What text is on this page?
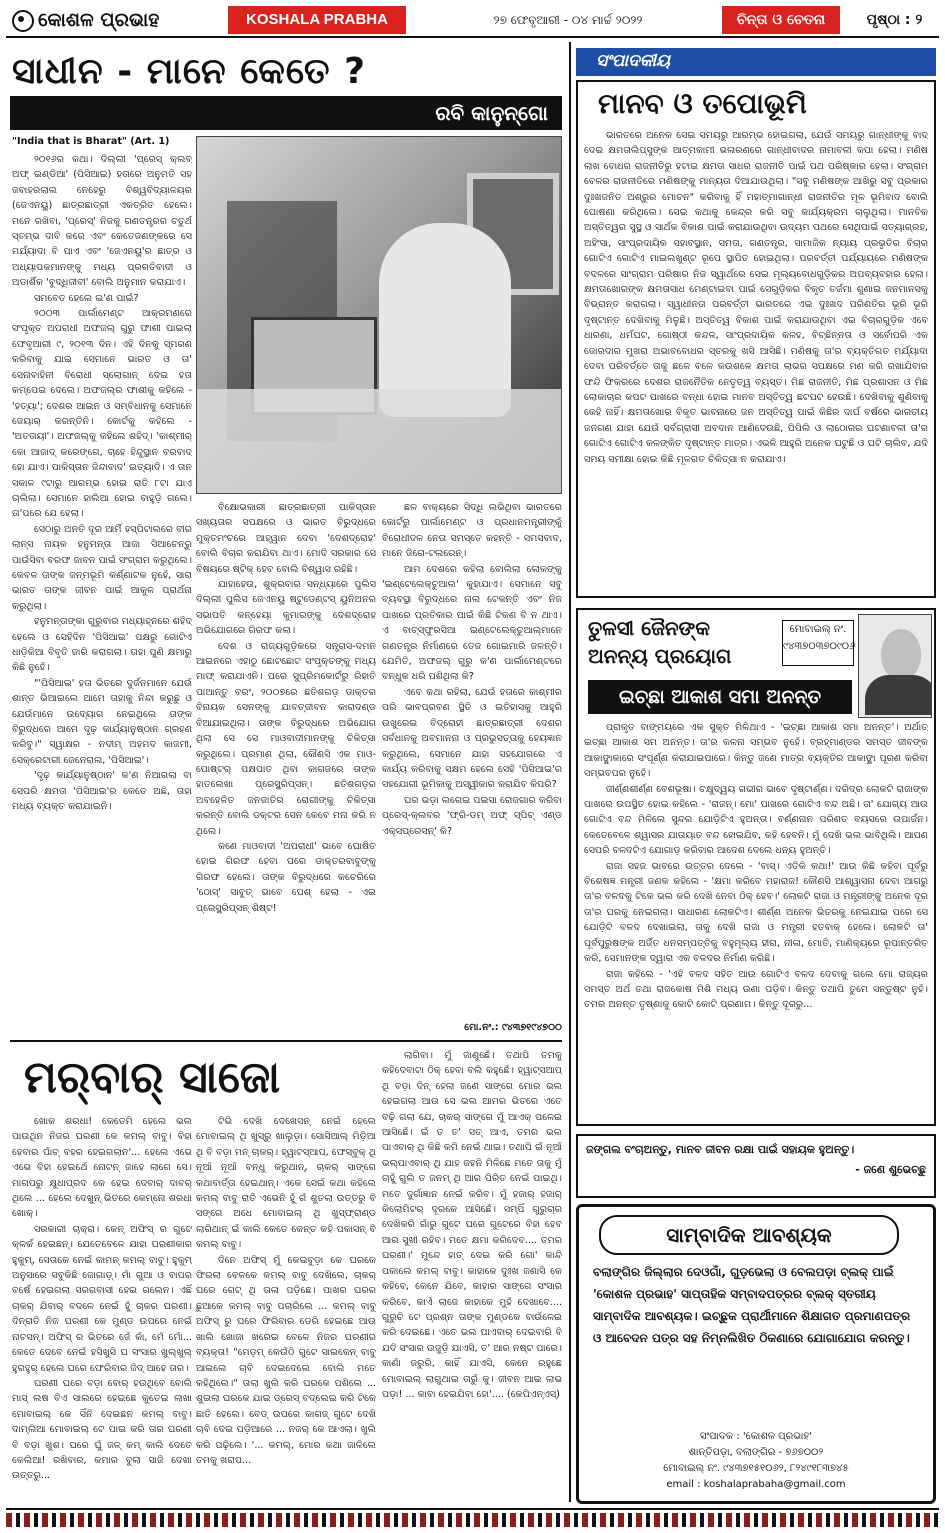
କୋଶଳ ପ୍ରଭାହ	KOSHALA PRABHA	୨୭ ଫେବୃଆରୀ - ୦୪ ମାର୍ଚ୍ଚ ୨୦୨୨	ଚିନ୍ତା ଓ ଚେତନା	ପୃଷ୍ଠା : ୨
ସାଧୀନ - ମାନେ କେତେ ?
ରବି କାନୁନ୍‌ଗୋ
"India that is Bharat" (Art. 1)

୨୦୧୬ର କଥା। ଦିଲ୍ଲୀ 'ପ୍ରେସ୍ କ୍ଲବ୍ ଅଫ୍ ଇଣ୍ଡିଆ' (ପିସିଆଇ) ହତାରେ ଅନୁମତି ସହ ଜବାହରଲାଲ ନେହେରୁ ବିଶ୍ୱବିଦ୍ୟାଳୟର (ଜେଏନୟୁ) ଛାତ୍ରଛାତ୍ରୀ ଏକତ୍ରିତ ହେଲେ। ମନେ ରଖିବା, 'ପ୍ରେସ୍' ନିଜକୁ ଗଣତନ୍ତ୍ରର ଚତୁର୍ଥ ସ୍ତମ୍ଭ ଦାବି କରେ ଏବଂ କେତେଜଣଙ୍କରେ ସେ ମର୍ଯ୍ୟାଦା ବି ପାଏ ଏବଂ 'ଜେଏନୟୁ'ର ଛାତ୍ର ଓ ଅଧ୍ୟାପକମାନଙ୍କୁ ମଧ୍ୟ ପ୍ରଗତିବାଦୀ ଓ ଅଡାର୍ଶିକ 'ବୁଦ୍ଧିଜୀବୀ' ବୋଲି ଅନୁମାନ କରାଯାଏ।

ସମବେତ ହେଲେ ଇ'ଣ ପାଇଁ?

୨୦୦୩ ପାର୍ଲାମେଣ୍ଟ ଆକ୍ରମଣରେ ସଂପୃକ୍ତ ଅପରାଧୀ ଅଫଜଲ୍ ଗୁରୁ ଫାଶୀ ପାଇଲା ଫେବୃଆରୀ ୯, ୨୦୧୩ ଦିନ। ଏହି ଦିନକୁ ସ୍ମରଣ କରିବାକୁ ଯାଇ ସେମାନେ ଭାରତ ଓ ତା' ସେନାବାହିନୀ ବିରୋଧୀ ସ୍ଲୋଗାନ୍ ଦେଇ ହତା କମ୍ପେଇ ଦେଲେ। ଅଫଜଲ୍‌ର ଫାଶୀକୁ କହିଲେ - 'ହତ୍ୟା'; ଦେଶର ଆଇନ ଓ ସମ୍ବିଧାନକୁ ସେମାନେ ଜେୟାର୍ କରନ୍ତିନି। କୋର୍ଟକୁ କହିଲେ - 'ଅତତାୟୀ'। ଅଫଜଲ୍‌କୁ କହିଲେ ଶହିଦ୍। 'କାଶ୍ମୀର୍ କୋ ଆଜାଦ୍ କରେଙ୍ଗେ, ଚାହେ ହିନ୍ଦୁସ୍ଥାନ ବରବାଦ୍ ହୋ ଯାଏ। ପାକିସ୍ତାନ ଜିନ୍ଦାବାଦ' ଇତ୍ୟାଦି। ଏ ତାନ ସକାଳ ୯ଟାରୁ ଆରମ୍ଭ ହୋଇ ରାତି ୮ଟା ଯାଏ ଚାଲିଲା। ସେମାନେ ହାଲିଆ ହୋଇ ବାହୁଡ଼ି ଗଲେ। ତା'ପରେ ଯେ ହେଲା।

ସେଠାରୁ ଅନତି ଦୂର ଆର୍ମି ହସ୍‌ପିଟାଲରେ ବୀର ଲାନ୍ସ ନାୟକ ହନୁମନ୍ତା ଆଜା ସିଆଚେନ୍‌ରୁ ପାଉଁସିବା ବରଫ ଜାବନ ପାଇଁ ସଂଗ୍ରାମ କରୁଥିଲେ। କେବଳ ତାଙ୍କ ଜନ୍ମଭୂମି କର୍ଣ୍ଣାଟକ ନୁହେଁ, ସାରା ଭାରତ ତାଙ୍କ ଜୀବନ ପାଇଁ ଆକୁଳ ପ୍ରାର୍ଥନା କରୁଥିଲା।

ହନୁମନ୍ତାଙ୍କା ଗୁରୁବାର ମଧ୍ୟାହ୍ନରେ ଶହିଦ୍ ହେଲେ ଓ ସେହିଦିନ 'ପିସିଆଇ' ପକ୍ଷରୁ ଗୋଟିଏ ଧାଡ଼ିକିଆ ବିବୃତି ଜାରି କରାଗଲା। ତାହା ପୁଣି କ୍ଷମାରୁ କିଛି ନୁହେଁ।

"'ପିସିଆଇ' ହତା ଭିତରେ ଦୁର୍ଜନମାନେ ଯେଉଁ ଶାନ୍ତ ଭିଆଇଲେ ଆମେ ତାହାକୁ ନିନ୍ଦା କରୁଛୁ ଓ ଯେଉଁମାନେ ଉଦ୍ୟୋଗ ନେଇଥିଲେ ତାଙ୍କ ବିରୁଦ୍ଧରେ ଆମେ ଦୃଢ଼ କାର୍ଯ୍ୟାନୁଷ୍ଠାନ ଗ୍ରହଣ କରିବୁ।" ସ୍ୱାକ୍ଷର - ନଦୀମ୍ ଅହମଦ କାଜମୀ, ସେକ୍ରେଟାରୀ ଜେନେରାଲ, 'ପିସିଆଇ'।

'ଦୃଢ଼ କାର୍ଯ୍ୟାନୁଷ୍ଠାନ' କ'ଣ ନିଆଗଲା ବା ସେପରି କ୍ଷମତା 'ପିସିଆଇ'ର କେତେ ଅଛି, ତାହା ମଧ୍ୟ ବ୍ୟକ୍ତ କରାଯାଇନି।

ବିକ୍ଷୋଭକାରୀ ଛାତ୍ରଛାତ୍ରୀ ପାକିସ୍ତାନ ସଖ୍ୟତାର ସପକ୍ଷରେ ଓ ଭାରତ ବିରୁଦ୍ଧରେ ମୁକ୍ତମଂଚରେ ଆହ୍ୱାନ ଦେବା 'ଦେଶଦ୍ରୋହ' ବୋଲି ବିଚାର କରାଯିବା ଥାଏ। ମୋଦି ସରକାର ସେ ବିଷୟରେ ଷ୍ଟିକ୍ ହେବ ବୋଲି ବିଶ୍ୱାସ ରହିଛି।

ଯାହାହେଉ, ଶୁକ୍ରବାର ସନ୍ଧ୍ୟାରେ ପୁଲିସ ଦିଲ୍ଲୀ ପୁଲିସ ଜେଏନୟୁ ଷ୍ଟୁଡେଣ୍ଟସ୍ ୟୁନିଅନର ସଭାପତି କନ୍ହେୟା କୁମାରଙ୍କୁ ଦେଶଦ୍ରୋହ ଅଭିଯୋଗରେ ଗିରଫ କଲା।

ଦେଶ ଓ ରାଜ୍ୟଗୁଡ଼ିକରେ ସନ୍ତ୍ରାସ-ଦମନ ଆଇନରେ ଏହାଠୁ ଛୋଟଛୋଟ ସଂପୃକ୍ତଙ୍କୁ ମଧ୍ୟ ମାଫ୍ କରାଯାଏନି। ପରେ ସୁପ୍ରିମକୋର୍ଟରୁ ରିହାତି ପାଆନ୍ତୁ ବରଂ, ୨୦୦୭ରେ ଛତିଶଗଡ଼ ଡାକ୍ତର ବିନାୟକ ସେନଙ୍କୁ ଯାବତ୍‌ଜୀବନ କାରାଦଣ୍ଡ ବିଆଯାଇଥିଲା। ତାଙ୍କ ବିରୁଦ୍ଧରେ ଅଭିଯୋଗ ଥିଲା ସେ ସେ ମାଓବାଦୀମାନଙ୍କୁ ଚିକିତ୍ସା କରୁଥିଲେ। ପ୍ରମାଣ ଥିଲା, କୌଣସି ଏକ ମାଓ-ପୋଷ୍ଟର୍ ପକ୍ଷପାତ ଥିବା କାଗଜରେ ତାଙ୍କ ହାତଲେଖା ପ୍ରେସ୍କ୍ରିପ୍ସନ୍। ଛତିଶଗଡ଼ର ଅବହେଳିତ ଜନଜାତିର ରୋଗୀଙ୍କୁ ଚିକିତ୍ସା କରନ୍ତି ବୋଲି ଡକ୍ଟର ସେନ କେବେ ମନା କରି ନ ଥିଲେ।

କଣେ ମାଓବାଦୀ 'ଅପରାଧୀ' ଭାବେ ଘୋଷିତ ହୋଇ ଗିରଫ ହେବା ପରେ ଡାକ୍ତରବାବୁଙ୍କୁ ଗିରଫ ହେଲେ। ତାଙ୍କ ବିରୁଦ୍ଧରେ କଚେରିରେ 'ଠୋସ୍' ସାବୁତ୍ ଭାବେ ପେଶ୍ ହେଲା - ଏଇ ପ୍ରେସ୍କ୍ରିପ୍ସନ୍ ଶିଷ୍ଟ!

ଛଳ ବାକ୍ୟରେ ସିଦ୍ଧି ଲଭିଥିବା ଭାରତରେ କୋର୍ଟରୁ ପାର୍ଲାମେଣ୍ଟ ଓ ପ୍ରଧାନମନ୍ତ୍ରୀଙ୍କୁଁ ବିରୋଧୀଦଳ ନେତା ସମସ୍ତେ କହନ୍ତି - ସମସବାଦ, ମାନେ ଜିରୋ-ଟଲରେନ୍।

ଆମ ଦେଶରେ କହିଲା ବୋଲିଲା ଲୋକଙ୍କୁ 'ଇଣ୍ଟେଲେକ୍‌ଚୁଆଲ' କୁହାଯାଏ। ସେମାନେ ସବୁ ବ୍ୟବସ୍ଥା ବିରୁଦ୍ଧରେ ନାଲ ଟେକନ୍ତି ଏବଂ ନିଜ ପାଖରେ ପ୍ରତିକାର ପାଇଁ କିଛି ଟିକଣ ବି ନ ଥାଏ। ଏ ବାଚ୍‌ସ୍ଫୁରସିଆ ଇଣ୍ଟେଲେକ୍‌ଚୁଆଲ୍‌ମାନେ ଗଣତନ୍ତ୍ର ନିର୍ମାଣରେ ତେଜ ଗୋଇମାରି ଜଳନ୍ତି। ଯେମିତି, ଅଫଜଲ୍ ଗୁରୁ କ'ଣ ପାର୍ଲାମେଣ୍ଟରେ ବନ୍ଧୁକ ଧରି ପଶିଥିଲା କି?

ଏବେ କଥା ରହିଲା, ଯେଉଁ ହତାରେ କାଶ୍ମୀର ପରି ଭାବପ୍ରବଣ ସ୍ଥିତି ଓ ଇତିହାସକୁ ଆହୁରି ଉଖୁରେଇ ବିଦ୍ରୋହୀ ଛାତ୍ରଛାତ୍ରୀ ଦେଶର ସର୍ବଧାନକୁ ଅବମାନନା ଓ ପ୍ରଭୁସତ୍ତାକୁ ହେୟଜ୍ଞାନ କରୁଥିଲେ, ସେମାନେ ଯାହା ସହଯୋଗରେ ଏ କାର୍ଯ୍ୟ କରିବାକୁ ସକ୍ଷମ ହେଲେ ସେହି 'ପିସିଆଇ'ର ସହଯୋଗୀ ଭୂମିକାକୁ ଅସ୍ୱୀକାର କରାଯିବ କିପରି?

ଘର ଭଡ଼ା ଲଗେଇ ପଇସା ରୋଜଗାର କରିବା ପ୍ରେସ୍-କ୍ଲବର 'ଫ୍ରି-ଡମ୍ ଅଫ୍ ସ୍ପିଚ୍ ଏଣ୍ଡ ଏକ୍ସପ୍ରେସନ୍' କି?

ମୋ.ନଂ.: ୯୪୩୭୧୯୪୭୦୦
ସଂପାଦକୀୟ
ମାନବ ଓ ତପୋଭୂମି

ଭାରତରେ ଅନେକ ସେଇ ସମୟରୁ ଆରମ୍ଭ ହୋଇଗଲା, ଯେଉଁ ସମୟରୁ ଗାନ୍ଧୀଙ୍କୁ ବାଦ୍ ଦେଇ କ୍ଷମତାଲିପ୍ସୁଙ୍କ ଆତ୍ମକାମୀ ଭଳାରଣରେ ଗାନ୍ଧୀବାଦର ନାମାବଳୀ କପା ହେଲା। ମଣିଷ ଲାଖ ବୋଧର ରାଜନୀତିରୁ ହଟାଇ କ୍ଷମତା ସାଧର ରାଜନୀତି ପାଇଁ ପଥ ପରିଷ୍କାର ହେଲା। ସଂଗ୍ରାମ ବେଳର ରାଜନୀତିରେ ମଣିଷଙ୍କୁ ମାନ୍ୟତା ଦିଆଯାଉଥିଲା। "ସବୁ ମଣିଷଙ୍କ ଆଖିରୁ ସବୁ ପ୍ରକାର ଦୁଃଖଜନିତ ଅଶ୍ରୁର ମୋଚନ" କରିବାକୁ ହିଁ ମହାତ୍ମାଗାନ୍ଧୀ ରାଜନୀତିର ମୂଳ ଭୂମିବାଦ ବୋଲି ଘୋଷଣା କରିଥିଲେ। ସେଇ କଥାକୁ କେନ୍ଦ୍ର କରି ସବୁ କାର୍ଯ୍ୟକ୍ରମ ଚାଲୁଥିଲା। ମାନବିକ ଅସ୍ତିତ୍ୱର ସୁସ୍ଥ ଓ ସାର୍ଥକ ବିକାଶ ପାଇଁ କରାଯାଉଥିବା ଉଦ୍ୟମ ପଥରେ ସେଥିପାଇଁ ସତ୍ୟାଗ୍ରହ, ଅହିଂସା, ସାଂପ୍ରଦାୟିକ ସହାବସ୍ଥାନ, ସମତା, ଗଣତନ୍ତ୍ର, ସାମାଜିକ ନ୍ୟାୟ ପ୍ରଭୃତିର ବିଚାର ଗୋଟିଏ ଗୋଟିଏ ମାଇଲଖୁଣ୍ଟ ରୂପେ ସ୍ଥାପିତ ହୋଇଥିଲା। ପରବର୍ତ୍ତୀ ପର୍ଯ୍ୟାୟରେ ମଣିଷଙ୍କ ବଦଳରେ ସାଂଗ୍ରାମ ପରିଷାର ନିଜ ସ୍ୱାର୍ଥରେ ସେଇ ମୂଲ୍ୟବୋଧଗୁଡ଼ିକର ଅପବ୍ୟବହାର ହେଲା। କ୍ଷମତାଖୋରଙ୍କ କ୍ଷମତାସାଧ ମେଣ୍ଟାଇବା ପାଇଁ ସେଗୁଡ଼ିକର ବିକୃତ ତର୍ଜମା ଶୁଣାଇ ଜନମାନସକୁ ବିଭ୍ରାନ୍ତ କରାଗଲା। ସ୍ୱାଧୀନତା ପରବର୍ତ୍ତୀ ଭାରତରେ ଏଇ ଦୁଃଖଦ ପରିଣତିର ଭୂରି ଭୂରି ଦୃଷ୍ଟାନ୍ତ ଦେଖିବାକୁ ମିଳୁଛି। ଅସ୍ତିତ୍ୱ ବିକାଶ ପାଇଁ କରାଯାଉଥିବା ଏଇ ବିଚାରଗୁଡ଼ିକ ଏବେ ଧାରଣା, ଧର୍ମଘଟ, ଗୋଷ୍ଠୀ କନ୍ଦଳ, ସାଂପ୍ରଦାୟିକ କଳହ, ବିଚ୍ଛିନ୍ନତା ଓ ସର୍ବୋପରି ଏକ ଜୋରଦାର ମୁଖରା ଅଭାବବୋଧର ସ୍ତରକୁ ଖସି ଆସିଛି। ମଣିଷକୁ ତା'ର ବ୍ୟକ୍ତିଗତ ମର୍ଯ୍ୟାଦା ଦେବା ପରିବର୍ତ୍ତେ ତାକୁ ଛଳେ ବଳେ କଉଶଳେ କ୍ଷମତା ଲାଭର ସପକ୍ଷରେ ମଣ କରି ରଖାଯିବାର ଫନ୍ଦି ଫିକରରେ ଦେଶର ରାଜନୈତିକ ନେତୃତ୍ୱ ବ୍ୟସ୍ତ। ମିଛ ରାଜନୀତି, ମିଛ ପ୍ରଶାସନ ଓ ମିଛ ଲୋକାଚାର କପଟ ପାଖରେ ବନ୍ଧା ହୋଇ ମାନବ ଅସ୍ତିତ୍ୱ ଛଟପଟ ହେଉଛି। ଦେଖିବାକୁ ଶୁଣିବାକୁ କେହି ନାହିଁ। କ୍ଷମତାଖୋର ବିକୃତ ଭାବନାରେ ଜନ ଅସ୍ତିତ୍ୱ ପାଇଁ କିଛିର ଦାର୍ଘ ବର୍ଷରେ ଭାରତୀୟ ଜନଗଣ ଯାହା ଯେଉଁ ସର୍ବଗ୍ରାସୀ ଅବଦାନ ଆଣିଦେଉଛି, ପିପିଲି ଓ ଲାଠୋରର ଘଟଣାବଳୀ ତା'ର ଗୋଟିଏ ଗୋଟିଏ କଳଙ୍କିତ ଦୃଷ୍ଟାନ୍ତ ମାତ୍ର। ଏଭଳି ଆହୁରି ଅନେକ ଘଟୁଛି ଓ ଘଟି ଚାଲିବ, ଯଦି ସମୟ ସମୀକ୍ଷା ହୋଇ କିଛି ମୂଳଗତ ଚିକିତ୍ସା ନ କରାଯାଏ।

ତୁଳସୀ ଜୈନଙ୍କ
ଅନନ୍ୟ ପ୍ରୟୋଗ
ମୋବାଇଲ୍ ନଂ.
୯୪୩୭୦୩୭୦୯୦୬
ଇଚ୍ଛା ଆକାଶ ସମା ଅନନ୍ତ

ପ୍ରାକୃତ ବାଙ୍ମୟରେ ଏକ ସୁକ୍ତ ମିଳିଥାଏ - 'ଇଚ୍ଛା ଆକାଶ ସମା ଅନନ୍ତ'। ଅର୍ଥାତ୍ ଇଚ୍ଛା ଆକାଶ ସମ ଅନନ୍ତ। ତା'ର କଳନା ସମ୍ଭବ ନୁହେଁ। ବ୍ରହ୍ମାଣ୍ଡର ସମସ୍ତ ଜୀବଙ୍କ ଆକାଙ୍କ୍ଷାକାରେ ସଂପୂର୍ଣ୍ଣ କରାଯାଇପାରେ। କିନ୍ତୁ ଜଣେ ମାତ୍ର ବ୍ୟକ୍ତିର ଆକାଙ୍କ୍ଷା ପୂରଣ କରିବା ସମ୍ଭବପର ନୁହେଁ।

ଜୀର୍ଣ୍ଣଶୀର୍ଣ୍ଣ ବେଶଭୂଷା। ଚକ୍ଷୁଦ୍ୱୟ ଗଭୀର ଭାବେ ଦୃଷ୍ଟାର୍ଣ୍ଣ। ଦରିଦ୍ର ଲୋକଟି ରାଜାଙ୍କ ପାଖରେ ଉପସ୍ଥିତ ହୋଇ କହିଲେ - 'ରାଜନ୍। ମୋ' ପାଖରେ ଗୋଟିଏ ବନ୍ଦ ଅଛି। ତା' ଯୋଗ୍ୟ ଆଉ ଗୋଟିଏ ବନ୍ଦ ମିଳିଲେ ସୁନ୍ଦର ଯୋଡ଼ିଟିଏ ହୁଅନ୍ତା। ବର୍ଣ୍ଣନାନ ପରିଣତ ବୟସରେ ଉପାର୍ଜନ। କେତେବେଳେ ଶ୍ୱାସର ଯାତାୟାତ ବନ୍ଦ ହୋଇଯିବ, କହି ହେବନି। ମୁଁ ଦେଖି ଭଲ ଭାବିଥିଲି। ଆପଣ ସେପରି ବଳଦଟିଏ ଯୋଗାଡ଼ କରିବାର ଆଦେଶ ଦେଲେ ଧନ୍ୟ ହୁଅନ୍ତି।

ରାଜା ସହଜ ଭାବରେ ଉତ୍ତର ଦେଲେ - 'ବାସ୍। ଏତିକି କଥା!' ଆଉ କିଛି କହିବା ପୂର୍ବରୁ ବିଶେଷଜ୍ଞ ମନ୍ତ୍ରୀ ଜଣକ କହିଲେ - 'କ୍ଷମା କରିବେ ମହାରାଜ! କୌଣସି ଆଶ୍ୱାସନା ଦେବା ଆଗରୁ ତା'ର ବଳଦକୁ ଟିକେ ଭଲ କରି ଦେଖି ନେବା ଠିକ୍ ହେବ।' ଲୋକଟି ରାଜା ଓ ମନ୍ତ୍ରୀଙ୍କୁ ଅନେକ ଦୂର ତା'ର ଘରକୁ ନେଇଗଲା। ସାଧାରଣ ଲୋକଟିଏ। ଶୀର୍ଣ୍ଣ ଅନେକ ଭିତରକୁ ନେଇଯାଇ ପରେ ସେ ଯୋଡ଼ିଟି ବଳଦ ଦେଖାଇଲା, ତାକୁ ଦେଖି ରାଜା ଓ ମନ୍ତ୍ରୀ ହତବାକ୍ ହେଲେ। ଲୋକଟି ତା' ପୂର୍ବପୁରୁଷଙ୍କ ଅର୍ଜିତ ଧନସମ୍ପତ୍ତିକୁ ବହୁମୂଲ୍ୟ ହୀରା, ନୀଳା, ମୋତି, ମାଣିକ୍ୟରେ ରୂପାନ୍ତରିତ କରି, ସେମାନଙ୍କ ଦ୍ୱାରା ଏକ ବଳଦର ନିର୍ମାଣ କରିଛି।

ରାଜା କହିଲେ - 'ଏହି ବଳଦ ସହିତ ଆଉ ଗୋଟିଏ ବଳଦ ଦେବାକୁ ଗଲେ ମୋ ରାଜ୍ୟର ସମସ୍ତ ଅର୍ଥ ତଥା ରାଜକୋଷ ମିଶି ମଧ୍ୟ ଉଣା ପଡ଼ିବ। କିନ୍ତୁ ତଥାପି ତୁମେ ସନ୍ତୁଷ୍ଟ ନୁହଁ। ତମର ଅନନ୍ତ ତୃଷ୍ଣାକୁ କୋଟି କୋଟି ପ୍ରଣାମ। କିନ୍ତୁ ଦୂରରୁ...

ଜଙ୍ଗଲ ବଂଚାଅନ୍ତୁ, ମାନବ ଜୀବନ ରକ୍ଷା ପାଇଁ ସହାୟକ ହୁଅନ୍ତୁ।
- ଜଣେ ଶୁଭେଚ୍ଛୁ
ସାମ୍ବାଦିକ ଆବଶ୍ୟକ
ବଲାଙ୍ଗିର ଜିଲ୍ଲାର ଦେଓଗାଁ, ଗୁଡ଼ଭେଲା ଓ ବେଲପଡ଼ା ବ୍ଲକ୍ ପାଇଁ 'କୋଶଳ ପ୍ରଭାହ' ସାପ୍ତାହିକ ସମ୍ବାଦପତ୍ରର ବ୍ଲକ୍ ସ୍ତରୀୟ ସାମ୍ବାଦିକ ଆବଶ୍ୟକ। ଇଚ୍ଛୁକ ପ୍ରାର୍ଥୀମାନେ ଶିକ୍ଷାଗତ ପ୍ରମାଣପତ୍ର ଓ ଆବେଦନ ପତ୍ର ସହ ନିମ୍ନଲିଖିତ ଠିକଣାରେ ଯୋଗାଯୋଗ କରନ୍ତୁ।
ସଂପାଦକ : 'କୋଶଳ ପ୍ରଭାହ'
ଶାନ୍ତିପଡ଼ା, ବଲାଙ୍ଗିର - ୭୬୭୦୦୨
ମୋବାଇଲ୍ ନଂ. ୯୪୩୭୧୫୧୦୬୨, ୮୨୪୯୧୮୩୭୪୫
email : koshalaprabaha@gmail.com
ମର୍‌ବାର୍ ସାଜୋ

ଖୋକ ଶରଧା! କେତେମି ହେଲେ ଭଲ ପାଉଥିନ ନିଜର ଘରଣୀ କେ କମଲ୍ ବାବୁ। ବିହା ହେବାର ପାଁଚ୍ ବହର ହେଇଗଲାନ'... ହେଲେ ଏଭେ ଏଭେ ବିହା ହେଇଥେଁ ନୋଟନ୍ ଜାହେ ଲାଗେ ସେ। ମାଗପରୁ କ୍ଷୁଧାପ୍ରଦ କେ ହେଇ ଦେବାର୍ ଦାବର୍ ଥିଲେ ... ହେଲେ ଦେଖୁନ୍ ଭିତରେ କେମ୍ନୋ ଶରଧା ଖୋକ୍।

ସରକାରୀ ଚାକ୍‌ରା। କେନ୍ ଅଫିସ୍ ର ଗୁଟେ କ୍ଳର୍କ ହେଇଛନ୍। ଯେତେବେଳେ ଯାହା ଘରଣୀକାର ହୁକୁମ୍, ସେତାକେ ନେଇଁ କାମନ୍ କମଲ୍ ବାବୁ। ହୁକୁମ୍ ଅନୁସାରେ ସବୁକିଛି ଜୋଗାଡ଼୍। ମାଁ ଗୁଆ ଓ ବାପର ବର୍ଷେ ହେଇଗଲା ସରଗବାସୀ ହେଇ ଗଲେନ। ଏଛିଁ ଚାକର୍ ଯିବାର୍ ବଦଳେ ନେଇଁ ହୁଁ ଚାକର ଘରଣୀ। ଦିନ୍‌ରାତି ନିଜ ଘରଣୀ କେ ମୁଣ୍ଡ ଉପରେ ନେଇଁ ନାଚସନ୍। ଅଫିସ୍ ର ଭିତରେ ଜେଁ କାଁ, ମେଁ ମୋଁ... କେତେ ଦେବେ ନେଇଁ ହସିଖୁସି ଘ ସଂସାର ଖୁଲ୍‌ଖୁଲ୍ ହୁରହୁର୍ ହେଲେ ଘରେ ଫେରିବାର ଜିଦ୍ ଆହେ ତାର।

ଘରଣୀ ଘରେ ବଡ଼ା ବୋର୍ ହଉଥିବେ ବୋଲି ମାସ୍ ଲଷ ବିଏ ସାଲରେ ହେଇଛେ କୁତେଇ ଲାଖା ମୋବାଇଲ୍ କେ ସିଁନି ଦେଇଛନ କମଲ୍ ବାବୁ। ଦାମ୍‌ଲିଆ ମୋବାଇଲ୍ ଟେ ପାଇ କରି ତାର ଘରଣୀ ବି ବଡ଼ା ଖୁଶ। ଘରେ ଘୁଁ ଜଳ୍ କମ୍ କାଲି ଦେତେ କେଲିଆ! ରଖିବାର, କମାର ବୁଲା ସାଜି ଦେଖା ଉତ୍ତରୁ...

ଟିଭି ଦେଖି ଦେଖେସନ୍ ନେଇଁ ହେଲେ ମୋବାଇଲ୍ ଥି ଖୁସ୍ରୁ ଖାଲୁଡ଼ା। ସୋସିଆଲ୍ ମିଡ଼ିଆ ଥି ବି ବଡ଼ା ମନ୍ ଚାକର୍। ହ୍ୱାଟସ୍ଆପ, ଫେସ୍‌ବୁକ୍ ଥି ନୂଆଁ ନୂଆଁ ବନ୍ଧୁ କରୁଥାନ୍, ଚାକର୍ ସାଙ୍ଗେ କଥାବାର୍ତ୍ତା ହେଇଥାନ୍। ଏକେ ସେଇଁ କଥା କହିଲେ କମଲ୍ ବାବୁ ରାତି ଏଭେନି ହୁଁ ଗଁ ଶୁତଲା ଉତ୍ତରୁ ବି ସଙ୍ଗେ ଅଧେ ମୋବାଇଲ୍ ଥି ଖୁସ୍‌ଫ୍ରାଣ୍ଡ ଲାଗିଥାନ୍ ଇଁ କାଲି କେତେ କେନ୍ତ କହି ପକାସନ୍ ବି କମଲ୍ ବାବୁ।

ଦିନେ ଅଫିସ୍ ମୁଁ କେଇବୁଡ଼ା କେ ଘରକେ ଫିରଲା ବେଳକେ କମଲ୍ ବାବୁ ଦେଖିଲେ, ଚାକର୍ ଘରେ ଗେଟ୍ ଥି ତାଳା ପଡ଼ିଛେ। ପାଖର ଘରର ଛୁଆକେ କମଲ୍ ବାବୁ ପଚାରିଲେ ... କମଲ୍ ବାବୁ ଅଫିସ୍ ରୁ ଘରେ ଫିରିବାର ଡେରି ହେଇଛେ ଆଉ ଖାଲି ଖୋଜା ଖରେଇ ବେଳେ ନିଜର ଘରଣୀର ବ୍ୟକ୍ତା! "ମେଡ଼ମ୍ କେଉଁଠି ଗୁଟେ ସାଇକେନ୍ ବାବୁ ଆଇଲେ ଚାବି ଦେଇଦେଲେ ବୋଲି ମତେ କହିଥିଲେ।" ତାଲା ଖୁଲି କରି ଘରକେ ପଶିଲେ ... ଶୁଇଲା ଘରକେ ଯାଇ ଡ୍ରେସ୍ ବଦ୍‌ଲେଇ କରି ଟିକେ ଛାତି ହେଲେ। ବେଡ୍ ଉପରେ କାଗଜ୍ ଗୁଟେ ଦେଖି ଚାବି ଦେଇ ପଡ଼ିଆରେ ... ନଜର୍ କେ ଆଏଲା। ଖୁଲି କରି ପଢ଼ିଲେ। '... କମଲ୍, ମୋର କଥା ଜାଳିଲେ ତମକୁ ଖରାପ...

ଲାଗିବା। ମୁଁ ଜାଣୁଛେଁ। ତଥାପି ତମକୁ କହିଦେବାଟା ଠିକ୍ ହେବା ବଲି କହୁଛେଁ। ହ୍ୱାଟ୍ସଆପ୍ ଥି ବଡ଼ା ଦିନ୍ ହେଲା ଜଣେ ସାଙ୍ଗେ ମୋର ଭଲ ହେଇଗଲା ଆଉ ସେ ଭଲ ଆମର ଭିତରେ ଏତେ ବଢ଼ି ଗଲା ଯେ, ଚାକର୍ ସାଙ୍ଗେ ମୁଁ ଆଏକ୍ ପଳେଇ ଆସିଛେଁ। ଇଁ ତ ତ' ସତ୍ ଆଏ, ତମର ଭଲ ପାଏବାର୍ ଥି କିଛି କମି ନେଇଁ ଥାଇ। ତଥାପି ଇଁ ନୂଆଁ ଭଲ୍‌ପାଏବାର୍ ଥି ଯାହ ଜହନି ମିଳିଛେ ମତେ ତାକୁ ମୁଁ ଚାହୁଁ ଗୁଲି ତ ଜନମ୍ ଥି ଆର ପିରିତ ନେଇଁ ପାଇଥି। ମତେ ଦୁର୍ଗାଜ୍ଞାନ ନେଇଁ କରିବ। ମୁଁ ହଜାର୍ ହଜାର୍ କିଲୋମିଟର୍ ଦୂରକେ ଆସିଛେଁ। ସମ୍ପିଁ ଗୁରୁଚାର ଦେଖିକରି ଗାଁରୁ ଗୁଟେ ଘରେ ଗୁଟେରେ ବିହା ହେବ ଆର ସୁଖୀ ରହିବ। ମତେ କ୍ଷମା କରିଦେବ.... ତମର ଘରଣୀ।' ମୁନ୍ଦେ ହାତ୍ ଦେଇ କରି ଗୋ' କାନ୍ଦି ପକାଲେ କମଲ୍ ବାବୁ। କାହାକେ ଦୁଃଖ ଜଣାସି କେ କହିବେ, କେନେ ଯିବେ, କାହାର ସାଙ୍ଗେ ସଂସାର କରିବେ, କାଏଁ ଲାଜେ କାହାକେ ମୁହଁ ଦେଖାବେ.... ଗୁରୁଚି ଟେ ପ୍ରଶ୍ନ ତାଙ୍କ ମୁଣ୍ଡକେ ବାଉଁଳେଇ କରି ଦେଇଛେ। ଏତେ ଭଲ ପାଏବାର୍ ଦେଇବାରି ବି ଯଦି ସଂସାର ଉଜୁଡ଼ି ଯାଏସି, ତ' ଆର ନଷ୍ଟ ପାରେ। କାଣାଁ ଜରୁରି, କାହିଁ ଯାଏସି, କେନେ ରହୁଛେ ମୋବାଇଲ୍ ଲାଗୁଥାଇ ତାରୁଁ କୁ। ଜୀବନ ଆଇ ଲାଭ ପଡ଼ା! ... କାବା ହେଇଯିବା ହୋ'.... (କେପିଏନ୍ଏସ୍)
